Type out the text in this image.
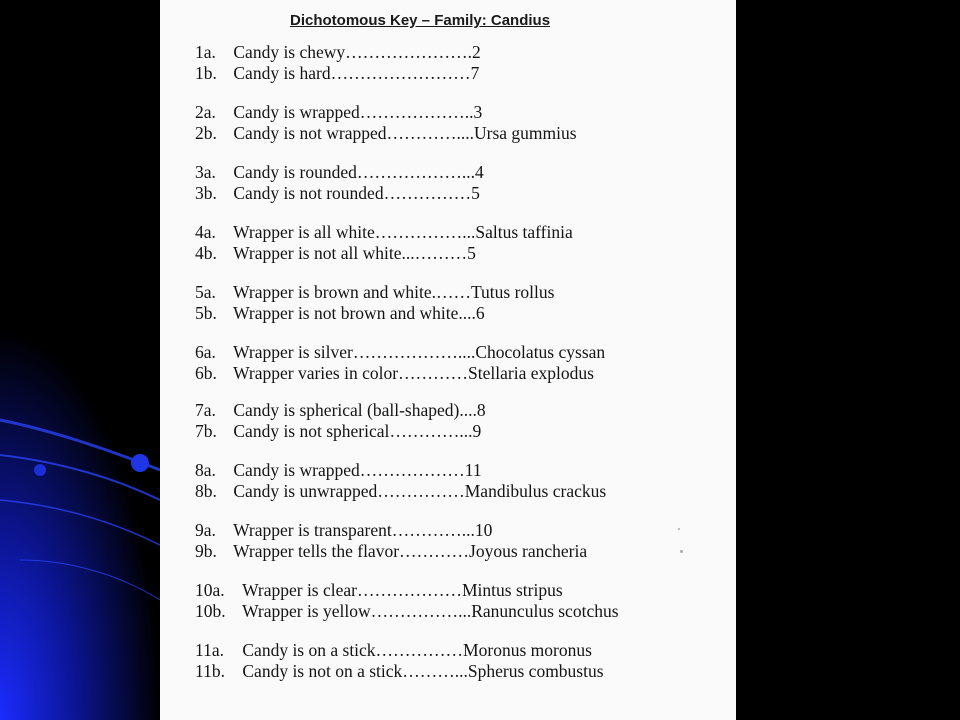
Dichotomous Key – Family: Candius
1a. Candy is chewy………………….2
1b. Candy is hard……………………7
2a. Candy is wrapped………………..3
2b. Candy is not wrapped…………....Ursa gummius
3a. Candy is rounded………………...4
3b. Candy is not rounded……………5
4a. Wrapper is all white……………...Saltus taffinia
4b. Wrapper is not all white...………5
5a. Wrapper is brown and white.……Tutus rollus
5b. Wrapper is not brown and white....6
6a. Wrapper is silver………………....Chocolatus cyssan
6b. Wrapper varies in color…………Stellaria explodus
7a. Candy is spherical (ball-shaped)....8
7b. Candy is not spherical…………...9
8a. Candy is wrapped………………11
8b. Candy is unwrapped……………Mandibulus crackus
9a. Wrapper is transparent…………...10
9b. Wrapper tells the flavor…………Joyous rancheria
10a. Wrapper is clear………………Mintus stripus
10b. Wrapper is yellow……………...Ranunculus scotchus
11a. Candy is on a stick……………Moronus moronus
11b. Candy is not on a stick………...Spherus combustus
